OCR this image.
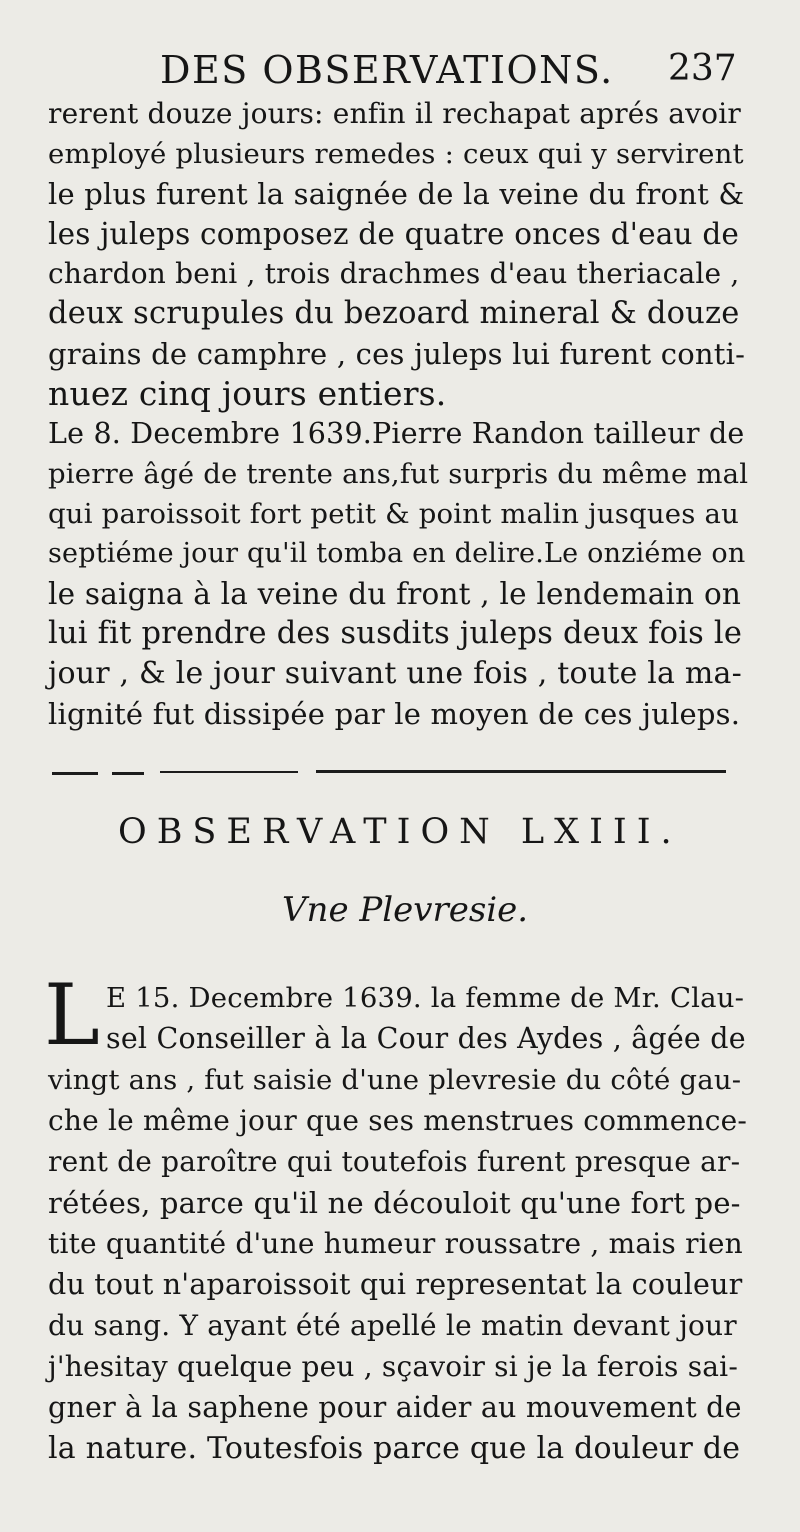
DES OBSERVATIONS. 237
rerent douze jours: enfin il rechapat aprés avoir
employé plusieurs remedes : ceux qui y servirent
le plus furent la saignée de la veine du front &
les juleps composez de quatre onces d'eau de
chardon beni , trois drachmes d'eau theriacale ,
deux scrupules du bezoard mineral & douze
grains de camphre , ces juleps lui furent conti-
nuez cinq jours entiers.
Le 8. Decembre 1639.Pierre Randon tailleur de
pierre âgé de trente ans,fut surpris du même mal
qui paroissoit fort petit & point malin jusques au
septiéme jour qu'il tomba en delire.Le onziéme on
le saigna à la veine du front , le lendemain on
lui fit prendre des susdits juleps deux fois le
jour , & le jour suivant une fois , toute la ma-
lignité fut dissipée par le moyen de ces juleps.
OBSERVATION LXIII.
Vne Plevresie.
L E 15. Decembre 1639. la femme de Mr. Clau-
sel Conseiller à la Cour des Aydes , âgée de
vingt ans , fut saisie d'une plevresie du côté gau-
che le même jour que ses menstrues commence-
rent de paroître qui toutefois furent presque ar-
rétées, parce qu'il ne découloit qu'une fort pe-
tite quantité d'une humeur roussatre , mais rien
du tout n'aparoissoit qui representat la couleur
du sang. Y ayant été apellé le matin devant jour
j'hesitay quelque peu , sçavoir si je la ferois sai-
gner à la saphene pour aider au mouvement de
la nature. Toutesfois parce que la douleur de
